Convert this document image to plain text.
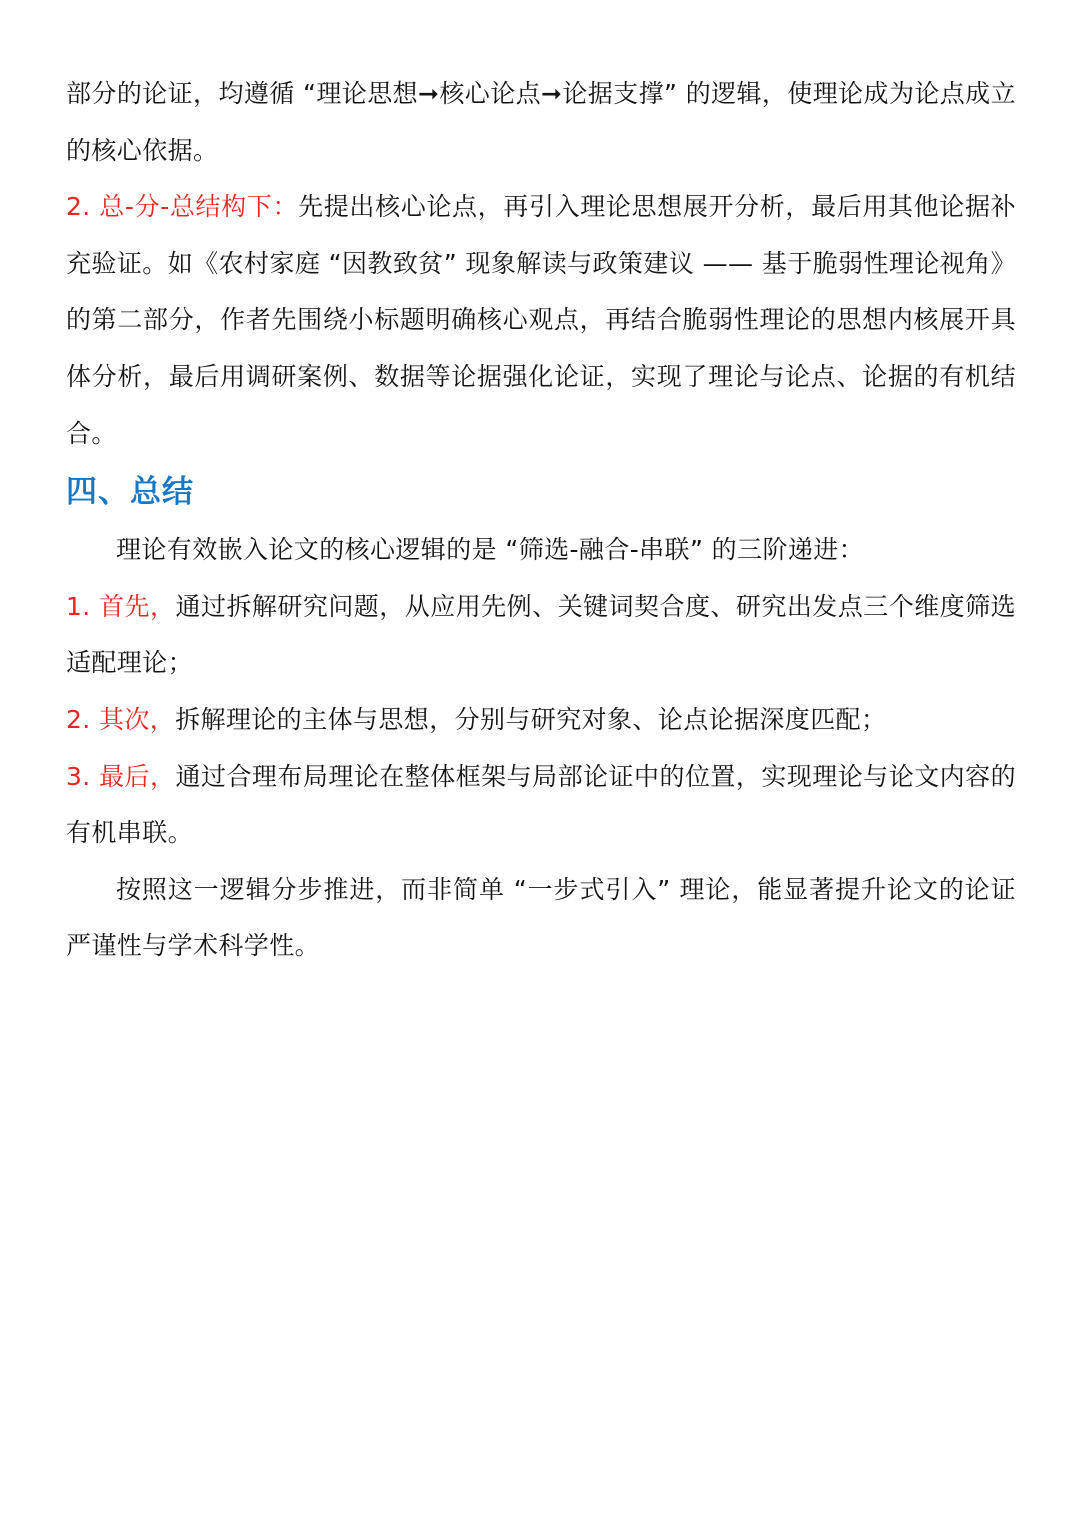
部分的论证，均遵循 “理论思想➞核心论点➞论据支撑” 的逻辑，使理论成为论点成立的核心依据。

2. 总-分-总结构下：先提出核心论点，再引入理论思想展开分析，最后用其他论据补充验证。如《农村家庭 “因教致贫” 现象解读与政策建议 —— 基于脆弱性理论视角》的第二部分，作者先围绕小标题明确核心观点，再结合脆弱性理论的思想内核展开具体分析，最后用调研案例、数据等论据强化论证，实现了理论与论点、论据的有机结合。

四、总结

理论有效嵌入论文的核心逻辑的是 “筛选-融合-串联” 的三阶递进：

1. 首先，通过拆解研究问题，从应用先例、关键词契合度、研究出发点三个维度筛选适配理论；

2. 其次，拆解理论的主体与思想，分别与研究对象、论点论据深度匹配；

3. 最后，通过合理布局理论在整体框架与局部论证中的位置，实现理论与论文内容的有机串联。

按照这一逻辑分步推进，而非简单 “一步式引入” 理论，能显著提升论文的论证严谨性与学术科学性。
